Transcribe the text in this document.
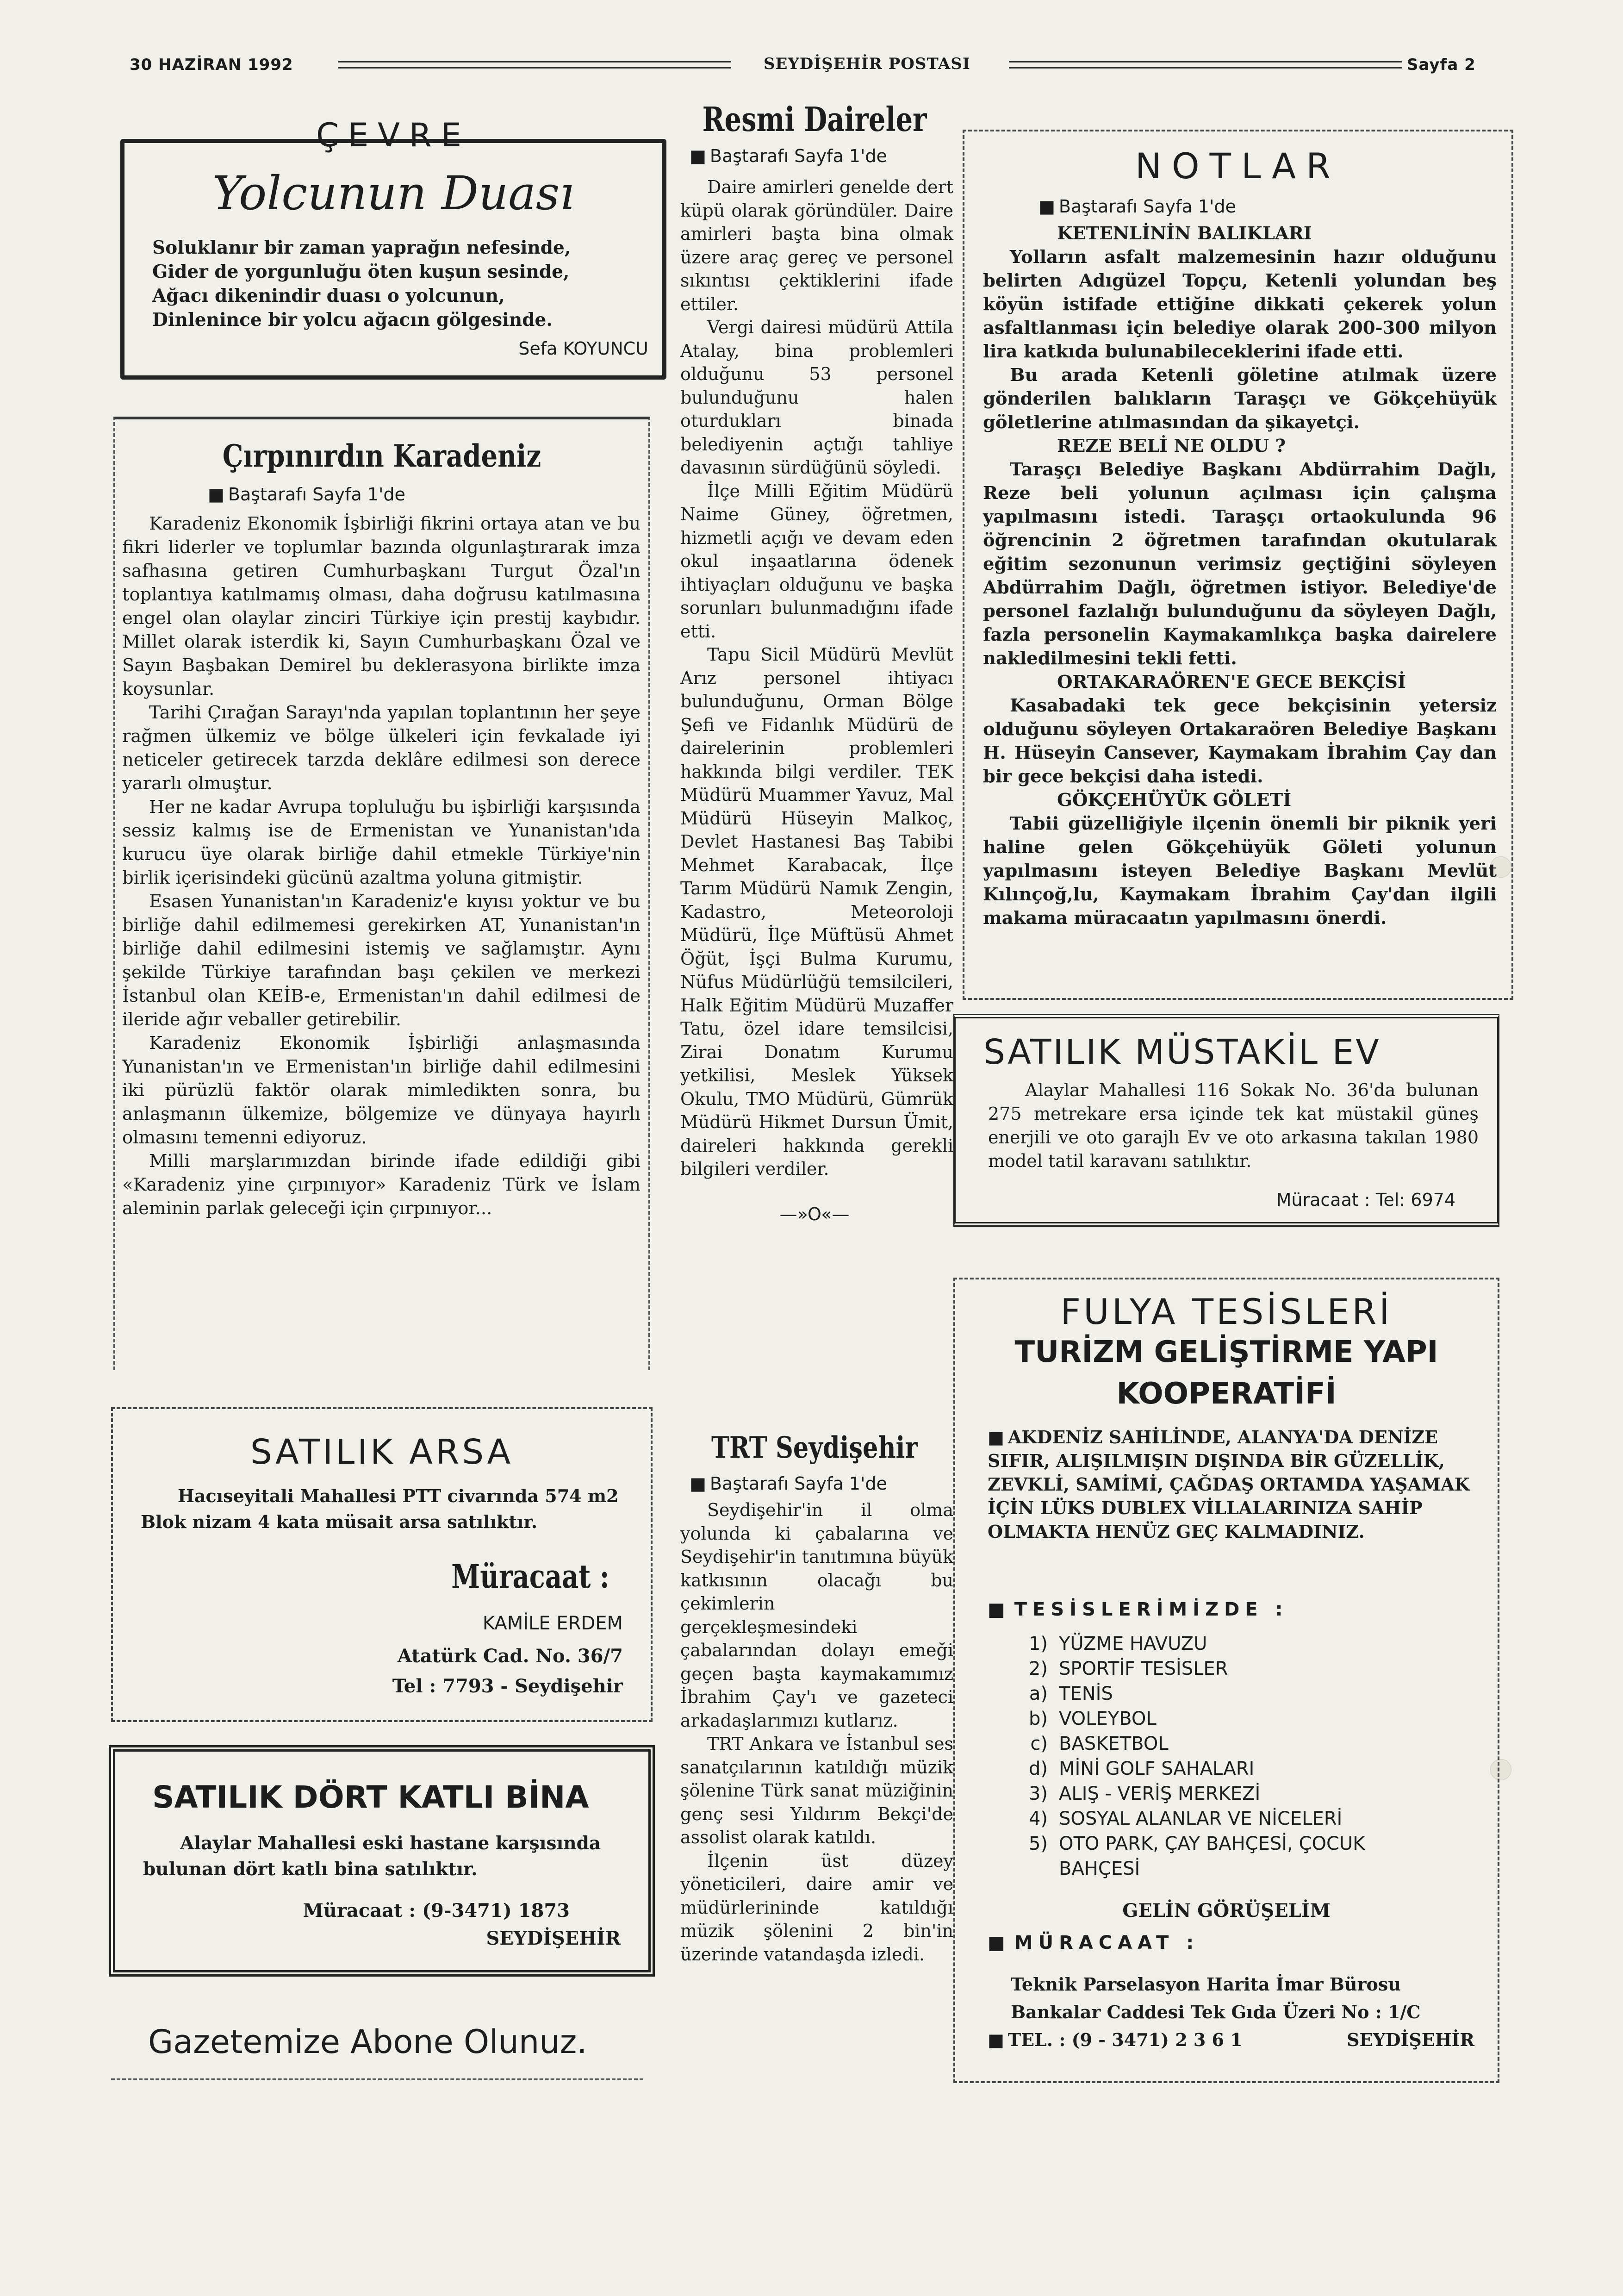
30 HAZİRAN 1992	SEYDİŞEHİR POSTASI	Sayfa 2
ÇEVRE
Yolcunun Duası
Soluklanır bir zaman yaprağın nefesinde,
Gider de yorgunluğu öten kuşun sesinde,
Ağacı dikenindir duası o yolcunun,
Dinlenince bir yolcu ağacın gölgesinde.
Sefa KOYUNCU
Çırpınırdın Karadeniz
■ Baştarafı Sayfa 1'de

Karadeniz Ekonomik İşbirliği fikrini ortaya atan ve bu fikri liderler ve toplumlar bazında olgunlaştırarak imza safhasına getiren Cumhurbaşkanı Turgut Özal'ın toplantıya katılmamış olması, daha doğrusu katılmasına engel olan olaylar zinciri Türkiye için prestij kaybıdır. Millet olarak isterdik ki, Sayın Cumhurbaşkanı Özal ve Sayın Başbakan Demirel bu deklerasyona birlikte imza koysunlar.

Tarihi Çırağan Sarayı'nda yapılan toplantının her şeye rağmen ülkemiz ve bölge ülkeleri için fevkalade iyi neticeler getirecek tarzda deklâre edilmesi son derece yararlı olmuştur.

Her ne kadar Avrupa topluluğu bu işbirliği karşısında sessiz kalmış ise de Ermenistan ve Yunanistan'ıda kurucu üye olarak birliğe dahil etmekle Türkiye'nin birlik içerisindeki gücünü azaltma yoluna gitmiştir.

Esasen Yunanistan'ın Karadeniz'e kıyısı yoktur ve bu birliğe dahil edilmemesi gerekirken AT, Yunanistan'ın birliğe dahil edilmesini istemiş ve sağlamıştır. Aynı şekilde Türkiye tarafından başı çekilen ve merkezi İstanbul olan KEİB-e, Ermenistan'ın dahil edilmesi de ileride ağır veballer getirebilir.

Karadeniz Ekonomik İşbirliği anlaşmasında Yunanistan'ın ve Ermenistan'ın birliğe dahil edilmesini iki pürüzlü faktör olarak mimledikten sonra, bu anlaşmanın ülkemize, bölgemize ve dünyaya hayırlı olmasını temenni ediyoruz.

Milli marşlarımızdan birinde ifade edildiği gibi «Karadeniz yine çırpınıyor» Karadeniz Türk ve İslam aleminin parlak geleceği için çırpınıyor...

SATILIK ARSA
Hacıseyitali Mahallesi PTT civarında 574 m2 Blok nizam 4 kata müsait arsa satılıktır.
Müracaat :
KAMİLE ERDEM
Atatürk Cad. No. 36/7
Tel : 7793 - Seydişehir
SATILIK DÖRT KATLI BİNA
Alaylar Mahallesi eski hastane karşısında bulunan dört katlı bina satılıktır.
Müracaat : (9-3471) 1873
SEYDİŞEHİR
Gazetemize Abone Olunuz.
Resmi Daireler
■ Baştarafı Sayfa 1'de

Daire amirleri genelde dert küpü olarak göründüler. Daire amirleri başta bina olmak üzere araç gereç ve personel sıkıntısı çektiklerini ifade ettiler.

Vergi dairesi müdürü Attila Atalay, bina problemleri olduğunu 53 personel bulunduğunu halen oturdukları binada belediyenin açtığı tahliye davasının sürdüğünü söyledi.

İlçe Milli Eğitim Müdürü Naime Güney, öğretmen, hizmetli açığı ve devam eden okul inşaatlarına ödenek ihtiyaçları olduğunu ve başka sorunları bulunmadığını ifade etti.

Tapu Sicil Müdürü Mevlüt Arız personel ihtiyacı bulunduğunu, Orman Bölge Şefi ve Fidanlık Müdürü de dairelerinin problemleri hakkında bilgi verdiler. TEK Müdürü Muammer Yavuz, Mal Müdürü Hüseyin Malkoç, Devlet Hastanesi Baş Tabibi Mehmet Karabacak, İlçe Tarım Müdürü Namık Zengin, Kadastro, Meteoroloji Müdürü, İlçe Müftüsü Ahmet Öğüt, İşçi Bulma Kurumu, Nüfus Müdürlüğü temsilcileri, Halk Eğitim Müdürü Muzaffer Tatu, özel idare temsilcisi, Zirai Donatım Kurumu yetkilisi, Meslek Yüksek Okulu, TMO Müdürü, Gümrük Müdürü Hikmet Dursun Ümit, daireleri hakkında gerekli bilgileri verdiler.

—»O«—
TRT Seydişehir
■ Baştarafı Sayfa 1'de

Seydişehir'in il olma yolunda ki çabalarına ve Seydişehir'in tanıtımına büyük katkısının olacağı bu çekimlerin gerçekleşmesindeki çabalarından dolayı emeği geçen başta kaymakamımız İbrahim Çay'ı ve gazeteci arkadaşlarımızı kutlarız.

TRT Ankara ve İstanbul ses sanatçılarının katıldığı müzik şölenine Türk sanat müziğinin genç sesi Yıldırım Bekçi'de assolist olarak katıldı.

İlçenin üst düzey yöneticileri, daire amir ve müdürlerininde katıldığı müzik şölenini 2 bin'in üzerinde vatandaşda izledi.

NOTLAR
■ Baştarafı Sayfa 1'de
KETENLİNİN BALIKLARI

Yolların asfalt malzemesinin hazır olduğunu belirten Adıgüzel Topçu, Ketenli yolundan beş köyün istifade ettiğine dikkati çekerek yolun asfaltlanması için belediye olarak 200-300 milyon lira katkıda bulunabileceklerini ifade etti.

Bu arada Ketenli göletine atılmak üzere gönderilen balıkların Taraşçı ve Gökçehüyük göletlerine atılmasından da şikayetçi.

REZE BELİ NE OLDU ?

Taraşçı Belediye Başkanı Abdürrahim Dağlı, Reze beli yolunun açılması için çalışma yapılmasını istedi. Taraşçı ortaokulunda 96 öğrencinin 2 öğretmen tarafından okutularak eğitim sezonunun verimsiz geçtiğini söyleyen Abdürrahim Dağlı, öğretmen istiyor. Belediye'de personel fazlalığı bulunduğunu da söyleyen Dağlı, fazla personelin Kaymakamlıkça başka dairelere nakledilmesini tekli fetti.

ORTAKARAÖREN'E GECE BEKÇİSİ

Kasabadaki tek gece bekçisinin yetersiz olduğunu söyleyen Ortakaraören Belediye Başkanı H. Hüseyin Cansever, Kaymakam İbrahim Çay dan bir gece bekçisi daha istedi.

GÖKÇEHÜYÜK GÖLETİ

Tabii güzelliğiyle ilçenin önemli bir piknik yeri haline gelen Gökçehüyük Göleti yolunun yapılmasını isteyen Belediye Başkanı Mevlüt Kılınçoğ,lu, Kaymakam İbrahim Çay'dan ilgili makama müracaatın yapılmasını önerdi.

SATILIK MÜSTAKİL EV
Alaylar Mahallesi 116 Sokak No. 36'da bulunan 275 metrekare ersa içinde tek kat müstakil güneş enerjili ve oto garajlı Ev ve oto arkasına takılan 1980 model tatil karavanı satılıktır.
Müracaat : Tel: 6974
FULYA TESİSLERİ
TURİZM GELİŞTİRME YAPI
KOOPERATİFİ
■ AKDENİZ SAHİLİNDE, ALANYA'DA DENİZE SIFIR, ALIŞILMIŞIN DIŞINDA BİR GÜZELLİK, ZEVKLİ, SAMİMİ, ÇAĞDAŞ ORTAMDA YAŞAMAK İÇİN LÜKS DUBLEX VİLLALARINIZA SAHİP OLMAKTA HENÜZ GEÇ KALMADINIZ.
■ TESİSLERİMİZDE :
1) YÜZME HAVUZU
2) SPORTİF TESİSLER
a) TENİS
b) VOLEYBOL
c) BASKETBOL
d) MİNİ GOLF SAHALARI
3) ALIŞ - VERİŞ MERKEZİ
4) SOSYAL ALANLAR VE NİCELERİ
5) OTO PARK, ÇAY BAHÇESİ, ÇOCUK BAHÇESİ
GELİN GÖRÜŞELİM
■ MÜRACAAT :
Teknik Parselasyon Harita İmar Bürosu
Bankalar Caddesi Tek Gıda Üzeri No : 1/C
■ TEL. : (9 - 3471) 2 3 6 1	SEYDİŞEHİR
